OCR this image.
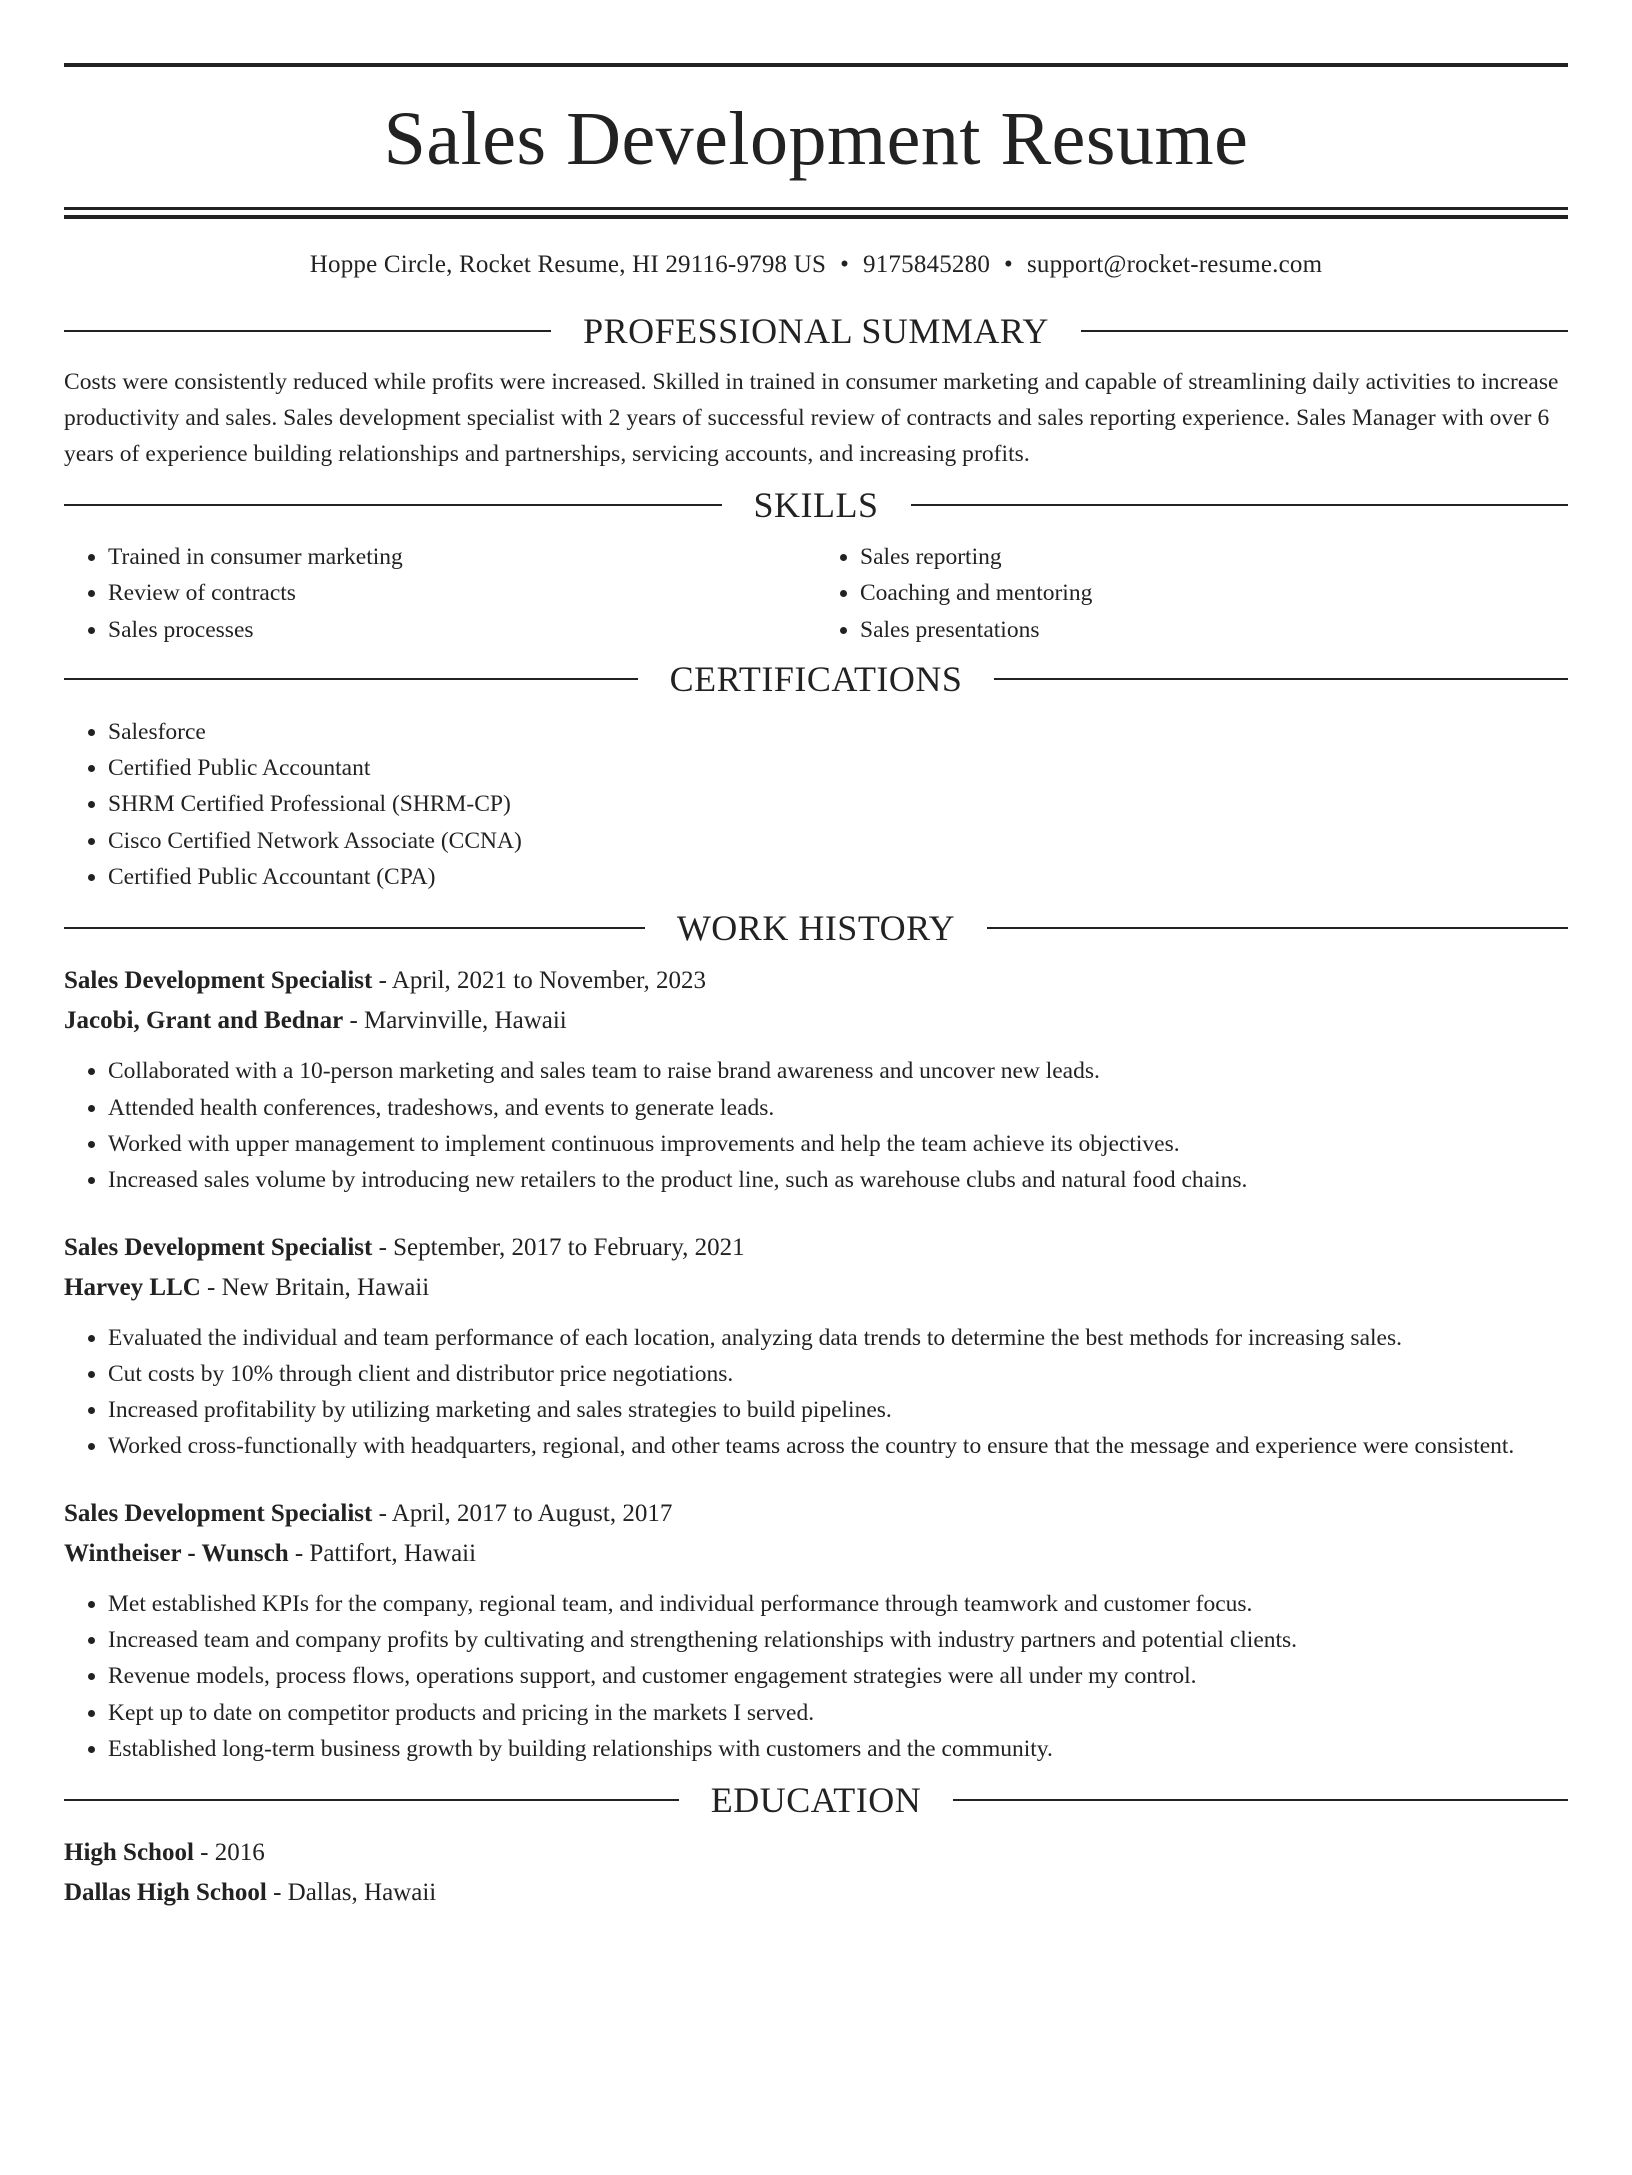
Sales Development Resume
Hoppe Circle, Rocket Resume, HI 29116-9798 US • 9175845280 • support@rocket-resume.com
PROFESSIONAL SUMMARY
Costs were consistently reduced while profits were increased. Skilled in trained in consumer marketing and capable of streamlining daily activities to increase productivity and sales. Sales development specialist with 2 years of successful review of contracts and sales reporting experience. Sales Manager with over 6 years of experience building relationships and partnerships, servicing accounts, and increasing profits.
SKILLS
• Trained in consumer marketing
• Review of contracts
• Sales processes
• Sales reporting
• Coaching and mentoring
• Sales presentations
CERTIFICATIONS
• Salesforce
• Certified Public Accountant
• SHRM Certified Professional (SHRM-CP)
• Cisco Certified Network Associate (CCNA)
• Certified Public Accountant (CPA)
WORK HISTORY
Sales Development Specialist - April, 2021 to November, 2023
Jacobi, Grant and Bednar - Marvinville, Hawaii
• Collaborated with a 10-person marketing and sales team to raise brand awareness and uncover new leads.
• Attended health conferences, tradeshows, and events to generate leads.
• Worked with upper management to implement continuous improvements and help the team achieve its objectives.
• Increased sales volume by introducing new retailers to the product line, such as warehouse clubs and natural food chains.
Sales Development Specialist - September, 2017 to February, 2021
Harvey LLC - New Britain, Hawaii
• Evaluated the individual and team performance of each location, analyzing data trends to determine the best methods for increasing sales.
• Cut costs by 10% through client and distributor price negotiations.
• Increased profitability by utilizing marketing and sales strategies to build pipelines.
• Worked cross-functionally with headquarters, regional, and other teams across the country to ensure that the message and experience were consistent.
Sales Development Specialist - April, 2017 to August, 2017
Wintheiser - Wunsch - Pattifort, Hawaii
• Met established KPIs for the company, regional team, and individual performance through teamwork and customer focus.
• Increased team and company profits by cultivating and strengthening relationships with industry partners and potential clients.
• Revenue models, process flows, operations support, and customer engagement strategies were all under my control.
• Kept up to date on competitor products and pricing in the markets I served.
• Established long-term business growth by building relationships with customers and the community.
EDUCATION
High School - 2016
Dallas High School - Dallas, Hawaii
